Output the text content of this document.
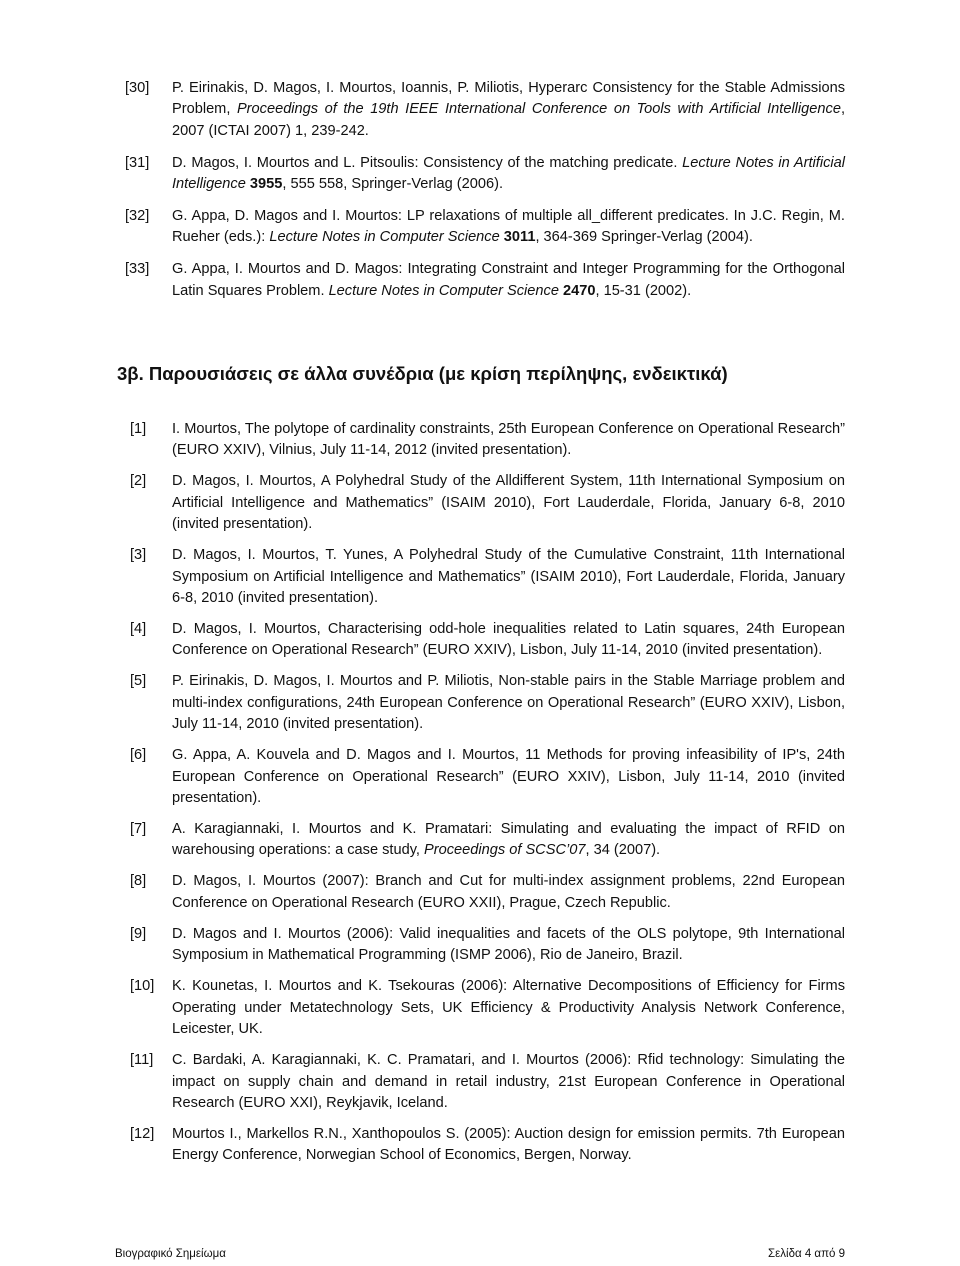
[30] P. Eirinakis, D. Magos, I. Mourtos, Ioannis, P. Miliotis, Hyperarc Consistency for the Stable Admissions Problem, Proceedings of the 19th IEEE International Conference on Tools with Artificial Intelligence, 2007 (ICTAI 2007) 1, 239-242.
[31] D. Magos, I. Mourtos and L. Pitsoulis: Consistency of the matching predicate. Lecture Notes in Artificial Intelligence 3955, 555 558, Springer-Verlag (2006).
[32] G. Appa, D. Magos and I. Mourtos: LP relaxations of multiple all_different predicates. In J.C. Regin, M. Rueher (eds.): Lecture Notes in Computer Science 3011, 364-369 Springer-Verlag (2004).
[33] G. Appa, I. Mourtos and D. Magos: Integrating Constraint and Integer Programming for the Orthogonal Latin Squares Problem. Lecture Notes in Computer Science 2470, 15-31 (2002).
3β. Παρουσιάσεις σε άλλα συνέδρια (με κρίση περίληψης, ενδεικτικά)
[1] I. Mourtos, The polytope of cardinality constraints, 25th European Conference on Operational Research” (EURO XXIV), Vilnius, July 11-14, 2012 (invited presentation).
[2] D. Magos, I. Mourtos, A Polyhedral Study of the Alldifferent System, 11th International Symposium on Artificial Intelligence and Mathematics” (ISAIM 2010), Fort Lauderdale, Florida, January 6-8, 2010 (invited presentation).
[3] D. Magos, I. Mourtos, T. Yunes, A Polyhedral Study of the Cumulative Constraint, 11th International Symposium on Artificial Intelligence and Mathematics” (ISAIM 2010), Fort Lauderdale, Florida, January 6-8, 2010 (invited presentation).
[4] D. Magos, I. Mourtos, Characterising odd-hole inequalities related to Latin squares, 24th European Conference on Operational Research” (EURO XXIV), Lisbon, July 11-14, 2010 (invited presentation).
[5] P. Eirinakis, D. Magos, I. Mourtos and P. Miliotis, Non-stable pairs in the Stable Marriage problem and multi-index configurations, 24th European Conference on Operational Research” (EURO XXIV), Lisbon, July 11-14, 2010 (invited presentation).
[6] G. Appa, A. Kouvela and D. Magos and I. Mourtos, 11 Methods for proving infeasibility of IP's, 24th European Conference on Operational Research” (EURO XXIV), Lisbon, July 11-14, 2010 (invited presentation).
[7] A. Karagiannaki, I. Mourtos and K. Pramatari: Simulating and evaluating the impact of RFID on warehousing operations: a case study, Proceedings of SCSC’07, 34 (2007).
[8] D. Magos, I. Mourtos (2007): Branch and Cut for multi-index assignment problems, 22nd European Conference on Operational Research (EURO XXII), Prague, Czech Republic.
[9] D. Magos and I. Mourtos (2006): Valid inequalities and facets of the OLS polytope, 9th International Symposium in Mathematical Programming (ISMP 2006), Rio de Janeiro, Brazil.
[10] K. Kounetas, I. Mourtos and K. Tsekouras (2006): Alternative Decompositions of Efficiency for Firms Operating under Metatechnology Sets, UK Efficiency & Productivity Analysis Network Conference, Leicester, UK.
[11] C. Bardaki, A. Karagiannaki, K. C. Pramatari, and I. Mourtos (2006): Rfid technology: Simulating the impact on supply chain and demand in retail industry, 21st European Conference in Operational Research (EURO XXI), Reykjavik, Iceland.
[12] Mourtos I., Markellos R.N., Xanthopoulos S. (2005): Auction design for emission permits. 7th European Energy Conference, Norwegian School of Economics, Bergen, Norway.
Βιογραφικό Σημείωμα	Σελίδα 4 από 9
